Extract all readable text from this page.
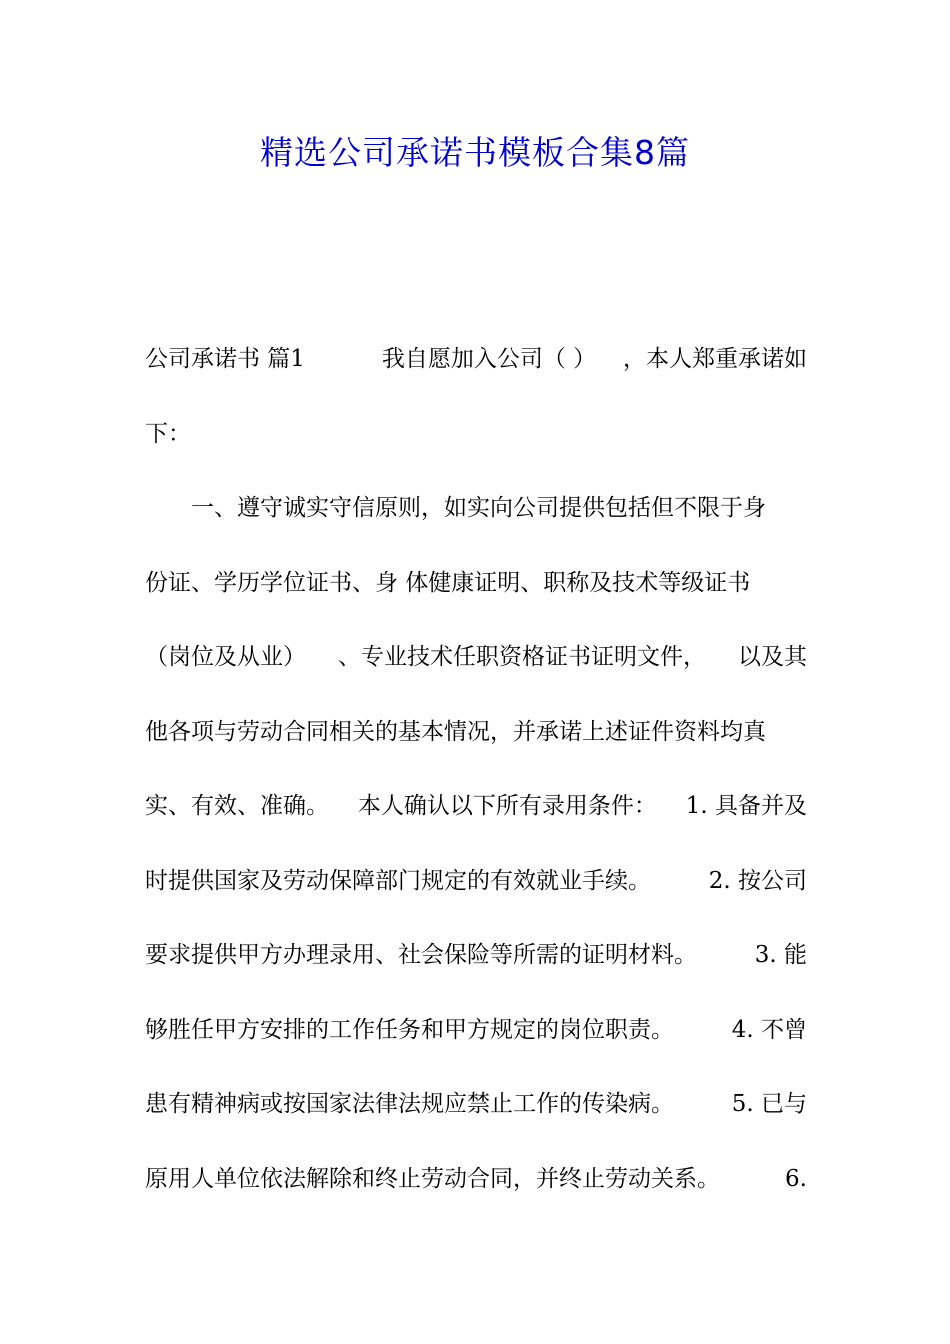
精选公司承诺书模板合集8篇
公司承诺书 篇1	我自愿加入公司（ ） ，本人郑重承诺如
下：
　　一、遵守诚实守信原则，如实向公司提供包括但不限于身
份证、学历学位证书、身 体健康证明、职称及技术等级证书
（岗位及从业） 、专业技术任职资格证书证明文件， 以及其
他各项与劳动合同相关的基本情况，并承诺上述证件资料均真
实、有效、准确。 本人确认以下所有录用条件： 1. 具备并及
时提供国家及劳动保障部门规定的有效就业手续。	2. 按公司
要求提供甲方办理录用、社会保险等所需的证明材料。	3. 能
够胜任甲方安排的工作任务和甲方规定的岗位职责。	4. 不曾
患有精神病或按国家法律法规应禁止工作的传染病。	5. 已与
原用人单位依法解除和终止劳动合同，并终止劳动关系。	6.
